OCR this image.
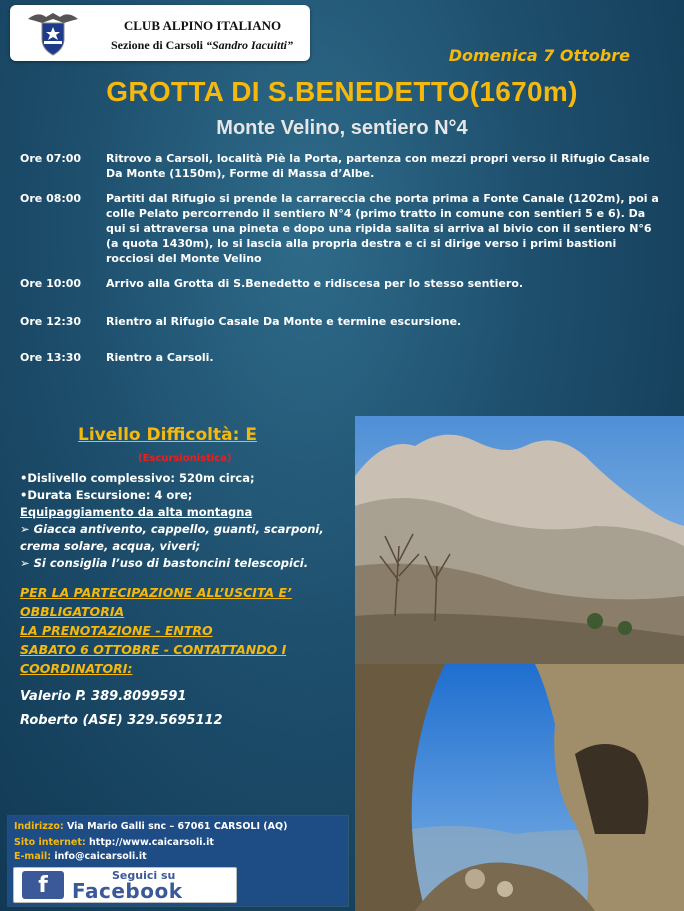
CLUB ALPINO ITALIANO
Sezione di Carsoli “Sandro Iacuitti”
Domenica 7 Ottobre
GROTTA DI S.BENEDETTO(1670m)
Monte Velino, sentiero N°4
Ore 07:00	Ritrovo a Carsoli, località Piè la Porta, partenza con mezzi propri verso il Rifugio Casale Da Monte (1150m), Forme di Massa d’Albe.
Ore 08:00	Partiti dal Rifugio si prende la carrareccia che porta prima a Fonte Canale (1202m), poi a colle Pelato percorrendo il sentiero N°4 (primo tratto in comune con sentieri 5 e 6). Da qui si attraversa una pineta e dopo una ripida salita si arriva al bivio con il sentiero N°6 (a quota 1430m), lo si lascia alla propria destra e ci si dirige verso i primi bastioni rocciosi del Monte Velino
Ore 10:00	Arrivo alla Grotta di S.Benedetto e ridiscesa per lo stesso sentiero.
Ore 12:30	Rientro al Rifugio Casale Da Monte e termine escursione.
Ore 13:30	Rientro a Carsoli.
Livello Difficoltà: E
(Escursionistica)
•Dislivello complessivo: 520m circa;
•Durata Escursione: 4 ore;
Equipaggiamento da alta montagna
➢ Giacca antivento, cappello, guanti, scarponi, crema solare, acqua, viveri;
➢ Si consiglia l’uso di bastoncini telescopici.
PER LA PARTECIPAZIONE ALL’USCITA E’ OBBLIGATORIA
LA PRENOTAZIONE - ENTRO
SABATO 6 OTTOBRE - CONTATTANDO I COORDINATORI:
Valerio P. 389.8099591
Roberto (ASE) 329.5695112
Indirizzo: Via Mario Galli snc – 67061 CARSOLI (AQ)
Sito internet: http://www.caicarsoli.it
E-mail: info@caicarsoli.it
f	Seguici su
Facebook
